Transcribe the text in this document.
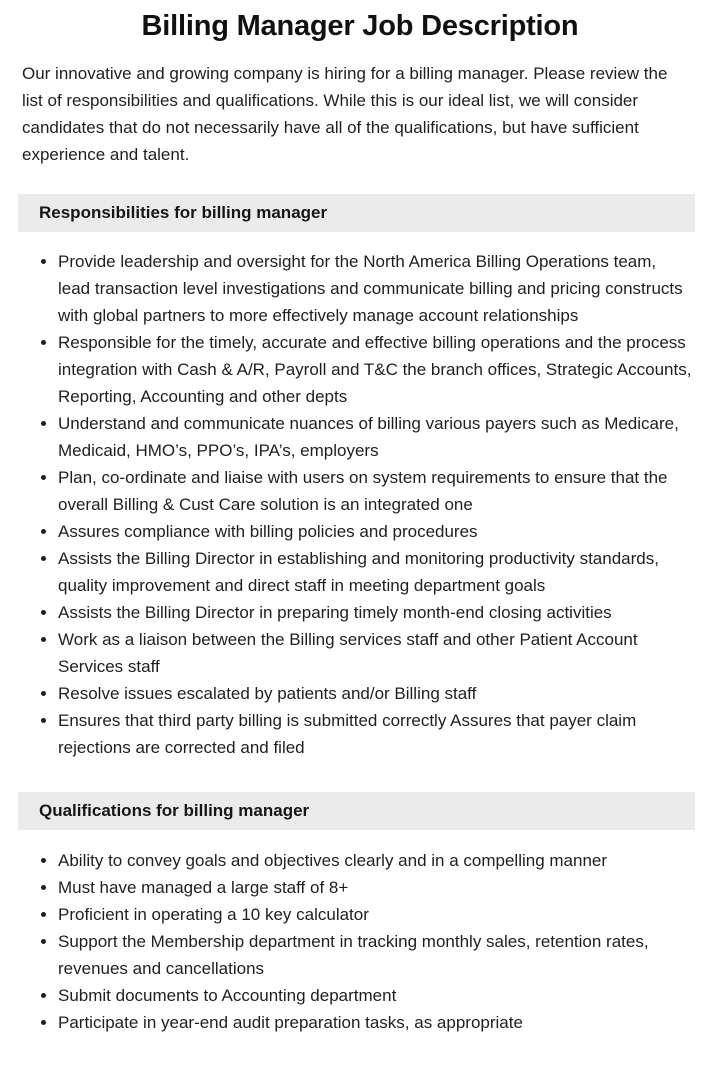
Billing Manager Job Description

Our innovative and growing company is hiring for a billing manager. Please review the list of responsibilities and qualifications. While this is our ideal list, we will consider candidates that do not necessarily have all of the qualifications, but have sufficient experience and talent.

Responsibilities for billing manager
Provide leadership and oversight for the North America Billing Operations team, lead transaction level investigations and communicate billing and pricing constructs with global partners to more effectively manage account relationships
Responsible for the timely, accurate and effective billing operations and the process integration with Cash & A/R, Payroll and T&C the branch offices, Strategic Accounts, Reporting, Accounting and other depts
Understand and communicate nuances of billing various payers such as Medicare, Medicaid, HMO’s, PPO’s, IPA’s, employers
Plan, co-ordinate and liaise with users on system requirements to ensure that the overall Billing & Cust Care solution is an integrated one
Assures compliance with billing policies and procedures
Assists the Billing Director in establishing and monitoring productivity standards, quality improvement and direct staff in meeting department goals
Assists the Billing Director in preparing timely month-end closing activities
Work as a liaison between the Billing services staff and other Patient Account Services staff
Resolve issues escalated by patients and/or Billing staff
Ensures that third party billing is submitted correctly Assures that payer claim rejections are corrected and filed
Qualifications for billing manager
Ability to convey goals and objectives clearly and in a compelling manner
Must have managed a large staff of 8+
Proficient in operating a 10 key calculator
Support the Membership department in tracking monthly sales, retention rates, revenues and cancellations
Submit documents to Accounting department
Participate in year-end audit preparation tasks, as appropriate
